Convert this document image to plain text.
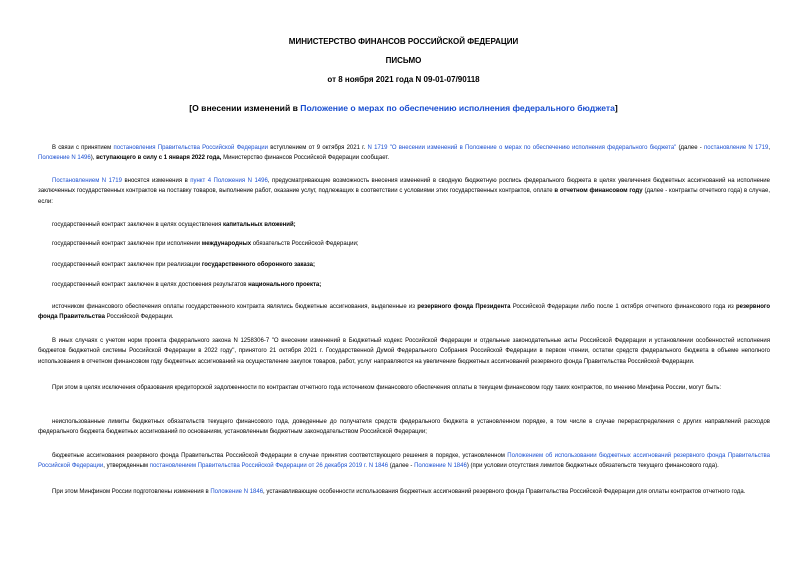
МИНИСТЕРСТВО ФИНАНСОВ РОССИЙСКОЙ ФЕДЕРАЦИИ
ПИСЬМО
от 8 ноября 2021 года N 09-01-07/90118
[О внесении изменений в Положение о мерах по обеспечению исполнения федерального бюджета]

В связи с принятием постановления Правительства Российской Федерации вступлением от 9 октября 2021 г. N 1719 "О внесении изменений в Положение о мерах по обеспечению исполнения федерального бюджета" (далее - постановление N 1719, Положение N 1496), вступающего в силу с 1 января 2022 года, Министерство финансов Российской Федерации сообщает.

Постановлением N 1719 вносятся изменения в пункт 4 Положения N 1496, предусматривающие возможность внесения изменений в сводную бюджетную роспись федерального бюджета в целях увеличения бюджетных ассигнований на исполнение заключенных государственных контрактов на поставку товаров, выполнение работ, оказание услуг, подлежащих в соответствии с условиями этих государственных контрактов, оплате в отчетном финансовом году (далее - контракты отчетного года) в случае, если:

государственный контракт заключен в целях осуществления капитальных вложений;

государственный контракт заключен при исполнении международных обязательств Российской Федерации;

государственный контракт заключен при реализации государственного оборонного заказа;

государственный контракт заключен в целях достижения результатов национального проекта;

источником финансового обеспечения оплаты государственного контракта являлись бюджетные ассигнования, выделенные из резервного фонда Президента Российской Федерации либо после 1 октября отчетного финансового года из резервного фонда Правительства Российской Федерации.

В иных случаях с учетом норм проекта федерального закона N 1258306-7 "О внесении изменений в Бюджетный кодекс Российской Федерации и отдельные законодательные акты Российской Федерации и установлении особенностей исполнения бюджетов бюджетной системы Российской Федерации в 2022 году", принятого 21 октября 2021 г. Государственной Думой Федерального Собрания Российской Федерации в первом чтении, остатки средств федерального бюджета в объеме неполного использования в отчетном финансовом году бюджетных ассигнований на осуществление закупок товаров, работ, услуг направляются на увеличение бюджетных ассигнований резервного фонда Правительства Российской Федерации.

При этом в целях исключения образования кредиторской задолженности по контрактам отчетного года источником финансового обеспечения оплаты в текущем финансовом году таких контрактов, по мнению Минфина России, могут быть:

неиспользованные лимиты бюджетных обязательств текущего финансового года, доведенные до получателя средств федерального бюджета в установленном порядке, в том числе в случае перераспределения с других направлений расходов федерального бюджета бюджетных ассигнований по основаниям, установленным бюджетным законодательством Российской Федерации;

бюджетные ассигнования резервного фонда Правительства Российской Федерации в случае принятия соответствующего решения в порядке, установленном Положением об использовании бюджетных ассигнований резервного фонда Правительства Российской Федерации, утвержденным постановлением Правительства Российской Федерации от 26 декабря 2019 г. N 1846 (далее - Положение N 1846) (при условии отсутствия лимитов бюджетных обязательств текущего финансового года).

При этом Минфином России подготовлены изменения в Положение N 1846, устанавливающие особенности использования бюджетных ассигнований резервного фонда Правительства Российской Федерации для оплаты контрактов отчетного года.
